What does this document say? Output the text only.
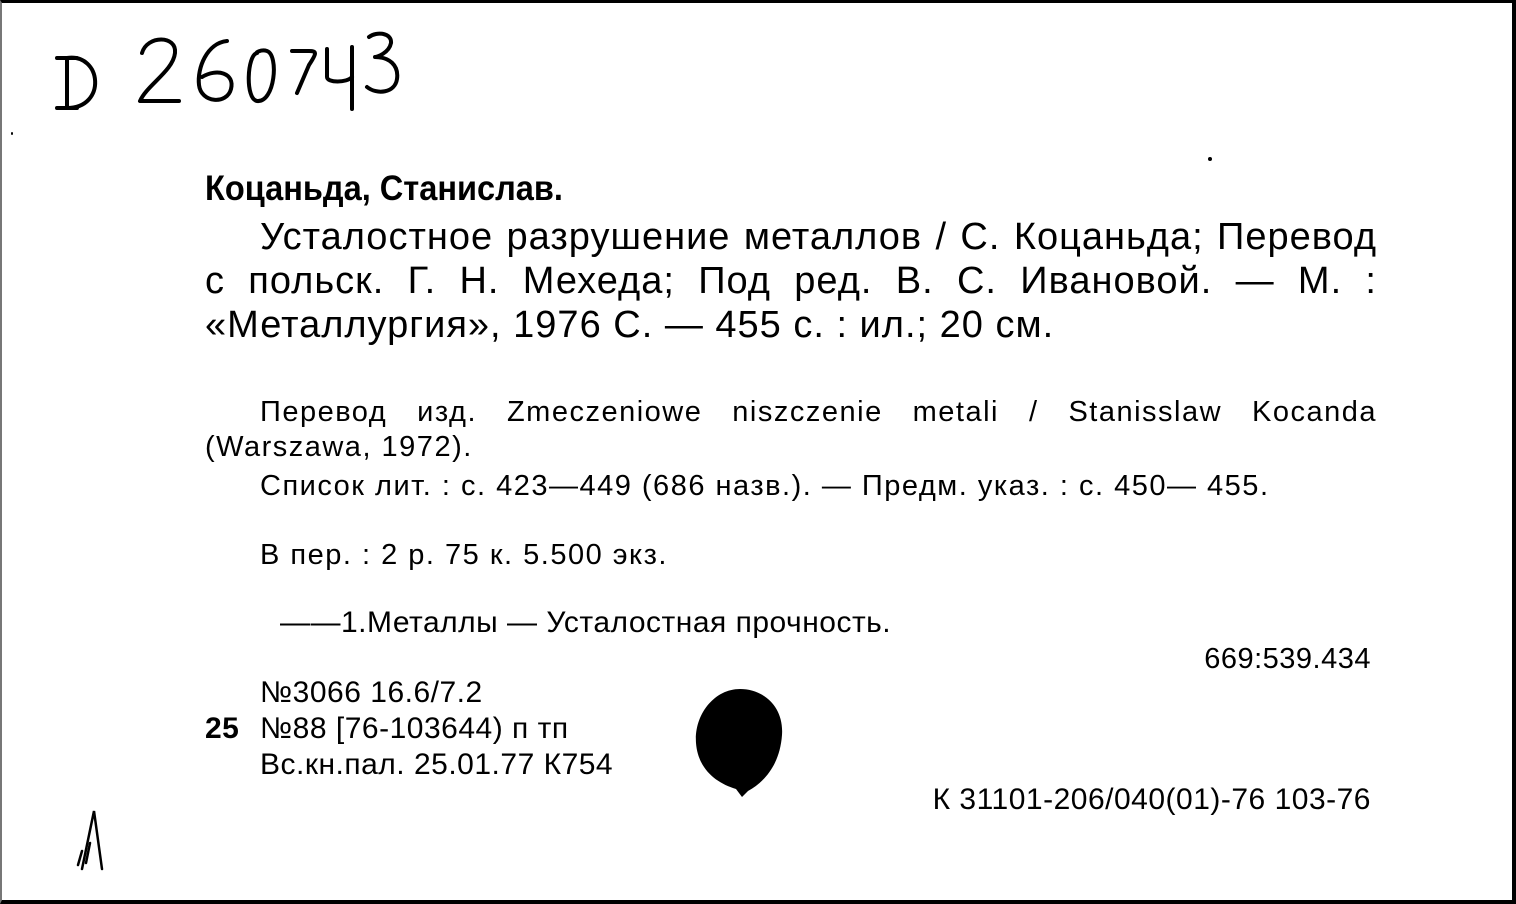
Коцаньда, Станислав.
Усталостное разрушение металлов / С. Коцаньда; Перевод с польск. Г. Н. Мехеда; Под ред. В. С. Ивановой. — М. : «Металлургия», 1976 С. — 455 с. : ил.; 20 см.
Перевод изд. Zmeczeniowe niszczenie metali / Stanisslaw Kocanda (Warszawa, 1972).
Список лит. : с. 423—449 (686 назв.). — Предм. указ. : с. 450— 455.
В пер. : 2 р. 75 к. 5.500 экз.
——1.Металлы — Усталостная прочность.
669:539.434
№3066 16.6/7.2
25 №88 [76-103644) п тп
Вс.кн.пал. 25.01.77 К754
К 31101-206/040(01)-76 103-76
